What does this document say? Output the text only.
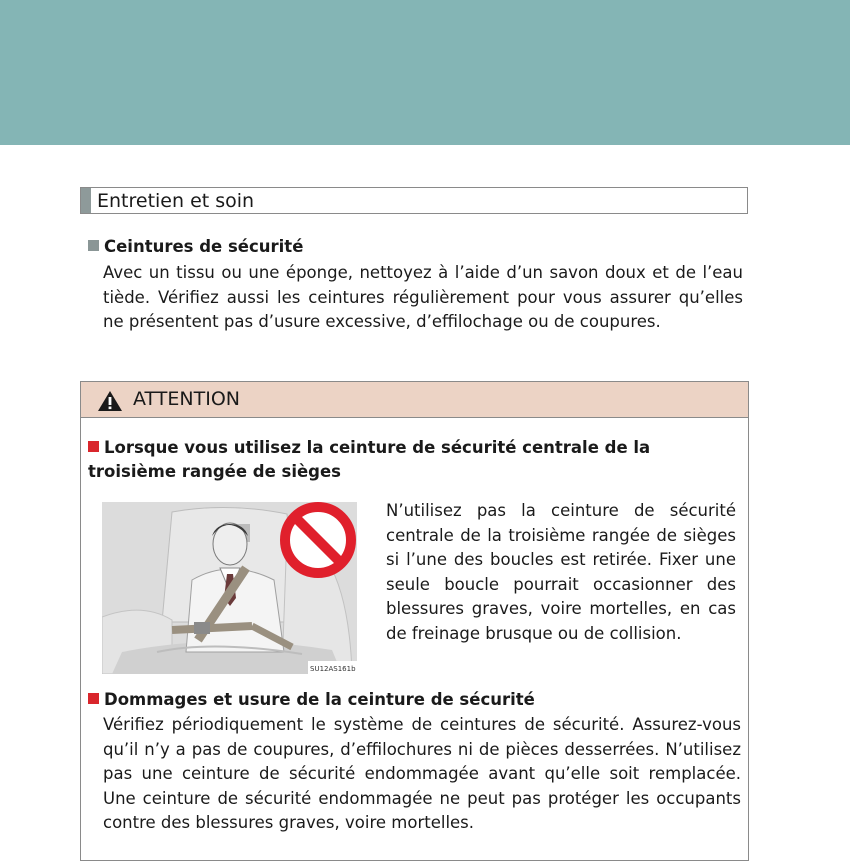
Entretien et soin
Ceintures de sécurité
Avec un tissu ou une éponge, nettoyez à l’aide d’un savon doux et de l’eau tiède. Vérifiez aussi les ceintures régulièrement pour vous assurer qu’elles ne présentent pas d’usure excessive, d’effilochage ou de coupures.
ATTENTION
Lorsque vous utilisez la ceinture de sécurité centrale de la troisième rangée de sièges
SU12AS161b
N’utilisez pas la ceinture de sécurité centrale de la troisième rangée de sièges si l’une des boucles est retirée. Fixer une seule boucle pourrait occasionner des blessures graves, voire mortelles, en cas de freinage brusque ou de collision.
Dommages et usure de la ceinture de sécurité
Vérifiez périodiquement le système de ceintures de sécurité. Assurez-vous qu’il n’y a pas de coupures, d’effilochures ni de pièces desserrées. N’utilisez pas une ceinture de sécurité endommagée avant qu’elle soit remplacée. Une ceinture de sécurité endommagée ne peut pas protéger les occupants contre des blessures graves, voire mortelles.
